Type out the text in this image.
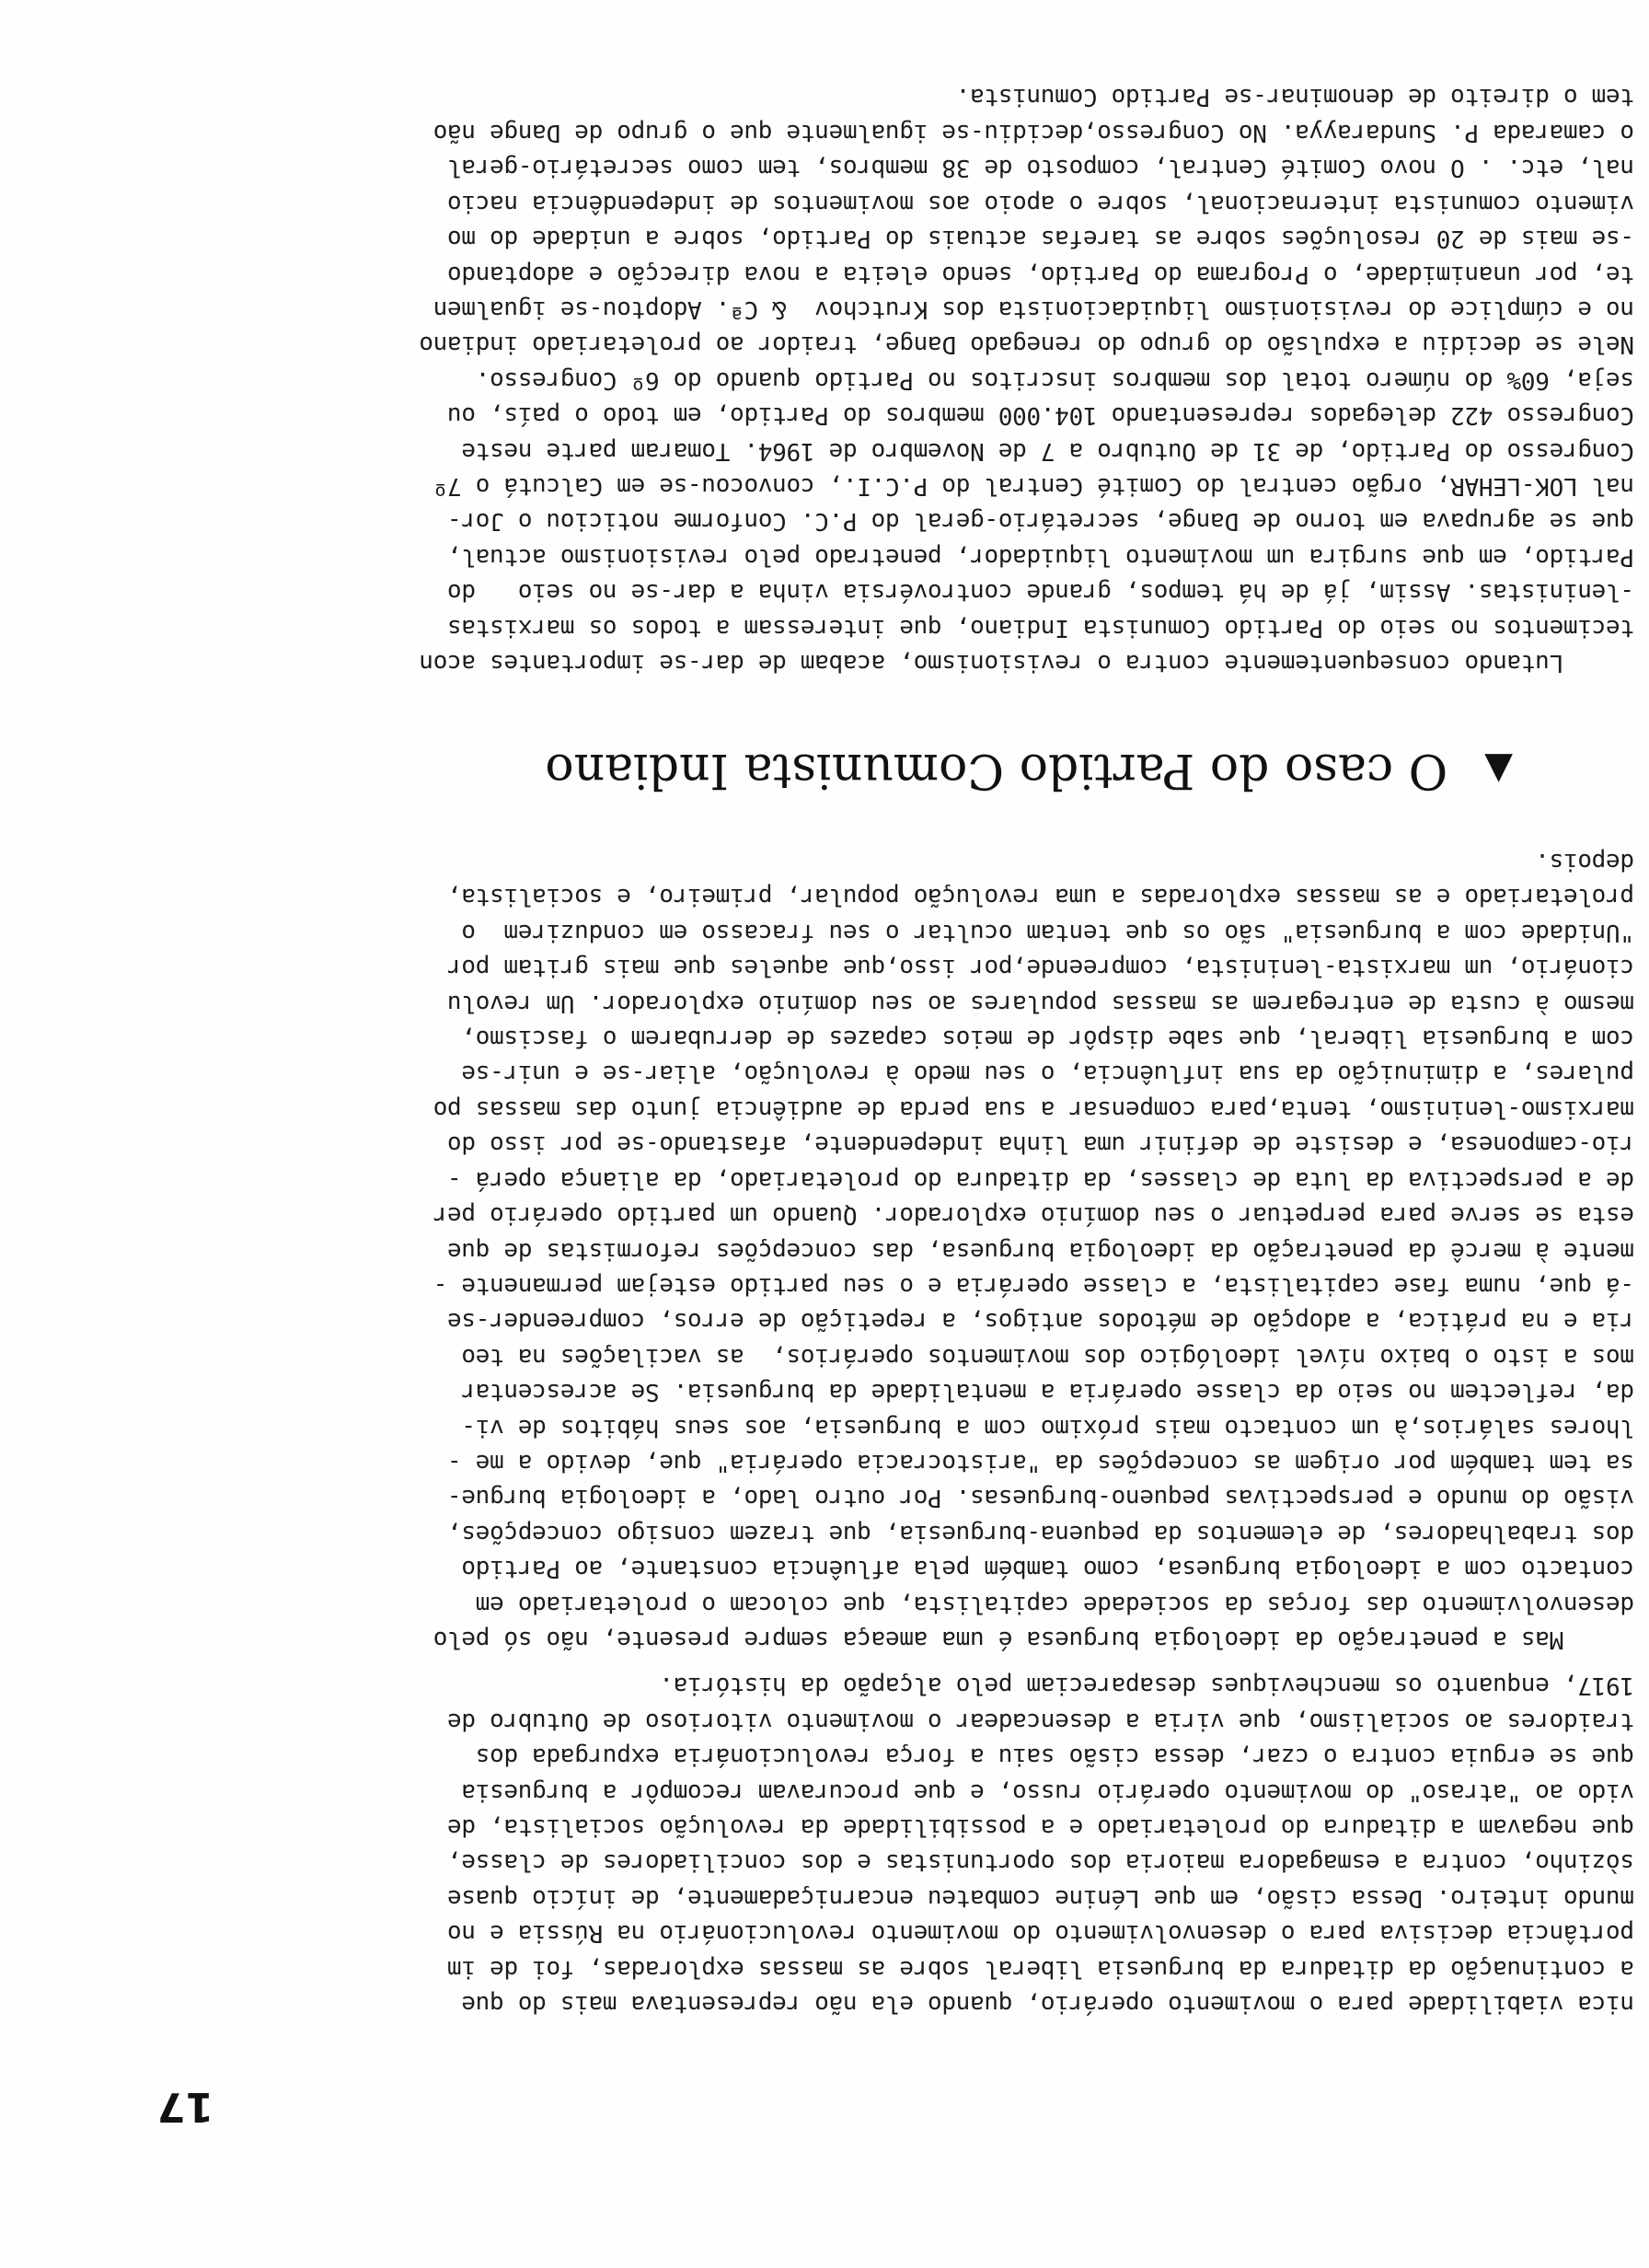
17
nica viabilidade para o movimento operário, quando ela não representava mais do que
a continuação da ditadura da burguesia liberal sobre as massas exploradas, foi de im
portância decisiva para o desenvolvimento do movimento revolucionário na Rússia e no
mundo inteiro. Dessa cisão, em que Lénine combateu encarniçadamente, de início quase
sòzinho, contra a esmagadora maioria dos oportunistas e dos conciliadores de classe,
que negavam a ditadura do proletariado e a possibilidade da revolução socialista, de
vido ao "atraso" do movimento operário russo, e que procuravam recompôr a burguesia
que se erguia contra o czar, dessa cisão saiu a força revolucionária expurgada dos
traidores ao socialismo, que viria a desencadear o movimento vitorioso de Outubro de
1917, enquanto os mencheviques desapareciam pelo alçapão da história.
Mas a penetração da ideologia burguesa é uma ameaça sempre presente, não só pelo
desenvolvimento das forças da sociedade capitalista, que colocam o proletariado em
contacto com a ideologia burguesa, como também pela afluência constante, ao Partido
dos trabalhadores, de elementos da pequena-burguesia, que trazem consigo concepções,
visão do mundo e perspectivas pequeno-burguesas. Por outro lado, a ideologia burgue-
sa tem também por origem as concepções da "aristocracia operária" que, devido a me -
lhores salários,à um contacto mais próximo com a burguesia, aos seus hábitos de vi-
da, reflectem no seio da classe operária a mentalidade da burguesia. Se acrescentar
mos a isto o baixo nível ideológico dos movimentos operários,  as vacilações na teo
ria e na prática, a adopção de métodos antigos, a repetição de erros, compreender-se
-á que, numa fase capitalista, a classe operária e o seu partido estejam permanente -
mente à mercê da penetração da ideologia burguesa, das concepções reformistas de que
esta se serve para perpetuar o seu domínio explorador. Quando um partido operário per
de a perspectiva da luta de classes, da ditadura do proletariado, da aliança operá -
rio-camponesa, e desiste de definir uma linha independente, afastando-se por isso do
marxismo-leninismo, tenta,para compensar a sua perda de audiência junto das massas po
pulares, a diminuição da sua influência, o seu medo à revolução, aliar-se e unir-se
com a burguesia liberal, que sabe dispôr de meios capazes de derrubarem o fascismo,
mesmo à custa de entregarem as massas populares ao seu domínio explorador. Um revolu
cionário, um marxista-leninista, compreende,por isso,que aqueles que mais gritam por
"Unidade com a burguesia" são os que tentam ocultar o seu fracasso em conduzirem  o
proletariado e as massas exploradas a uma revolução popular, primeiro, e socialista,
depois.
▲O caso do Partido Comunista Indiano
Lutando consequentemente contra o revisionismo, acabam de dar-se importantes acon
tecimentos no seio do Partido Comunista Indiano, que interessam a todos os marxistas
-leninistas. Assim, já de há tempos, grande controvérsia vinha a dar-se no seio   do
Partido, em que surgira um movimento liquidador, penetrado pelo revisionismo actual,
que se agrupava em torno de Dange, secretário-geral do P.C. Conforme noticiou o Jor-
nal LOK-LEHAR, orgão central do Comité Central do P.C.I., convocou-se em Calcutá o 7º
Congresso do Partido, de 31 de Outubro a 7 de Novembro de 1964. Tomaram parte neste
Congresso 422 delegados representando 104.000 membros do Partido, em todo o país, ou
seja, 60% do número total dos membros inscritos no Partido quando do 6º Congresso.
Nele se decidiu a expulsão do grupo do renegado Dange, traidor ao proletariado indiano
no e cúmplice do revisionismo liquidacionista dos Krutchov  & Cª. Adoptou-se igualmen
te, por unanimidade, o Programa do Partido, sendo eleita a nova direcção e adoptando
-se mais de 20 resoluções sobre as tarefas actuais do Partido, sobre a unidade do mo
vimento comunista internacional, sobre o apoio aos movimentos de independência nacio
nal, etc. . O novo Comité Central, composto de 38 membros, tem como secretário-geral
o camarada P. Sundarayya. No Congresso,decidiu-se igualmente que o grupo de Dange não
tem o direito de denominar-se Partido Comunista.
